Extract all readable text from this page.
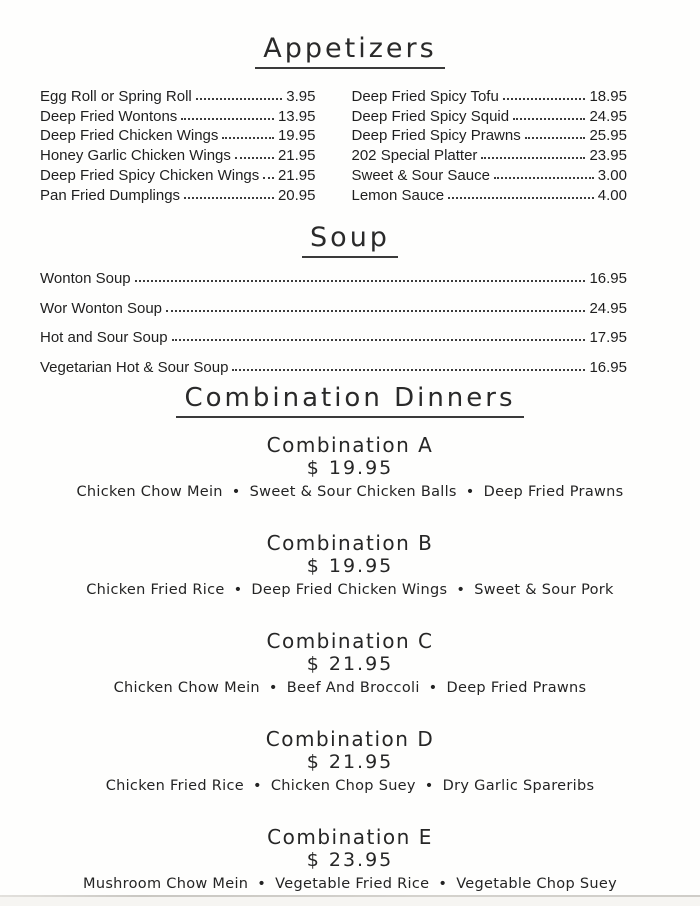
Appetizers
Egg Roll or Spring Roll	3.95
Deep Fried Wontons	13.95
Deep Fried Chicken Wings	19.95
Honey Garlic Chicken Wings	21.95
Deep Fried Spicy Chicken Wings 21.95
Pan Fried Dumplings	20.95
Deep Fried Spicy Tofu	18.95
Deep Fried Spicy Squid	24.95
Deep Fried Spicy Prawns	25.95
202 Special Platter	23.95
Sweet & Sour Sauce	3.00
Lemon Sauce	4.00
Soup
Wonton Soup	16.95
Wor Wonton Soup	24.95
Hot and Sour Soup	17.95
Vegetarian Hot & Sour Soup	16.95
Combination Dinners
Combination A
$ 19.95
Chicken Chow Mein • Sweet & Sour Chicken Balls • Deep Fried Prawns
Combination B
$ 19.95
Chicken Fried Rice • Deep Fried Chicken Wings • Sweet & Sour Pork
Combination C
$ 21.95
Chicken Chow Mein • Beef And Broccoli • Deep Fried Prawns
Combination D
$ 21.95
Chicken Fried Rice • Chicken Chop Suey • Dry Garlic Spareribs
Combination E
$ 23.95
Mushroom Chow Mein • Vegetable Fried Rice • Vegetable Chop Suey
